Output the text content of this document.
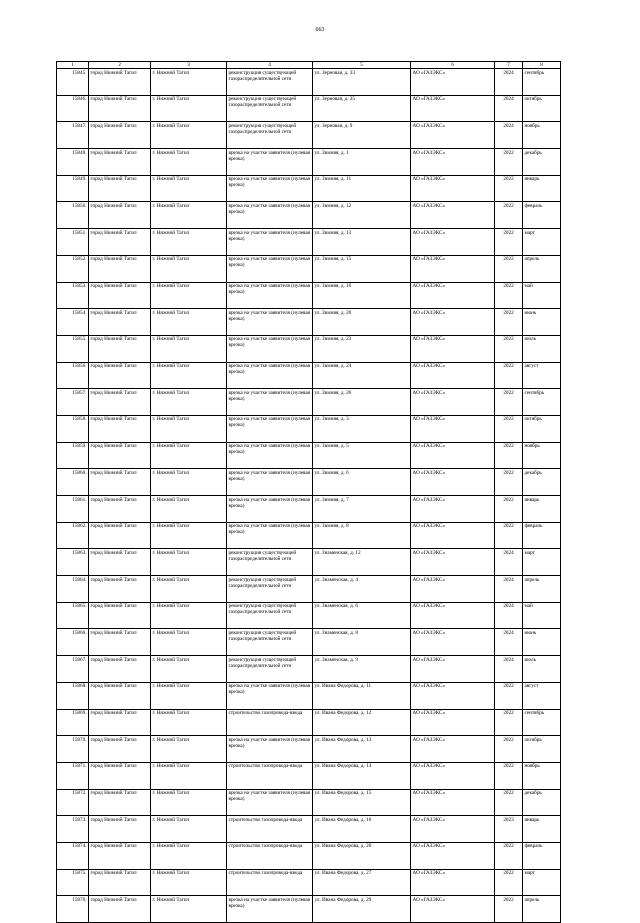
663
1	2	3	4	5	6	7	8
15845.	город Нижний Тагил	г. Нижний Тагил	реконструкция существующей газораспределительной сети	ул. Зерновая, д. 33	АО «ГАЗЭКС»	2024	сентябрь
15846.	город Нижний Тагил	г. Нижний Тагил	реконструкция существующей газораспределительной сети	ул. Зерновая, д. 35	АО «ГАЗЭКС»	2024	октябрь
15847.	город Нижний Тагил	г. Нижний Тагил	реконструкция существующей газораспределительной сети	ул. Зерновая, д. 9	АО «ГАЗЭКС»	2024	ноябрь
15848.	город Нижний Тагил	г. Нижний Тагил	врезка на участке заявителя (нулевая врезка)	ул. Зимняя, д. 1	АО «ГАЗЭКС»	2022	декабрь
15849.	город Нижний Тагил	г. Нижний Тагил	врезка на участке заявителя (нулевая врезка)	ул. Зимняя, д. 11	АО «ГАЗЭКС»	2022	январь
15850.	город Нижний Тагил	г. Нижний Тагил	врезка на участке заявителя (нулевая врезка)	ул. Зимняя, д. 12	АО «ГАЗЭКС»	2022	февраль
15851.	город Нижний Тагил	г. Нижний Тагил	врезка на участке заявителя (нулевая врезка)	ул. Зимняя, д. 13	АО «ГАЗЭКС»	2022	март
15852.	город Нижний Тагил	г. Нижний Тагил	врезка на участке заявителя (нулевая врезка)	ул. Зимняя, д. 15	АО «ГАЗЭКС»	2022	апрель
15853.	город Нижний Тагил	г. Нижний Тагил	врезка на участке заявителя (нулевая врезка)	ул. Зимняя, д. 16	АО «ГАЗЭКС»	2022	май
15854.	город Нижний Тагил	г. Нижний Тагил	врезка на участке заявителя (нулевая врезка)	ул. Зимняя, д. 20	АО «ГАЗЭКС»	2022	июнь
15855.	город Нижний Тагил	г. Нижний Тагил	врезка на участке заявителя (нулевая врезка)	ул. Зимняя, д. 23	АО «ГАЗЭКС»	2022	июль
15856.	город Нижний Тагил	г. Нижний Тагил	врезка на участке заявителя (нулевая врезка)	ул. Зимняя, д. 24	АО «ГАЗЭКС»	2022	август
15857.	город Нижний Тагил	г. Нижний Тагил	врезка на участке заявителя (нулевая врезка)	ул. Зимняя, д. 26	АО «ГАЗЭКС»	2022	сентябрь
15858.	город Нижний Тагил	г. Нижний Тагил	врезка на участке заявителя (нулевая врезка)	ул. Зимняя, д. 3	АО «ГАЗЭКС»	2022	октябрь
15859.	город Нижний Тагил	г. Нижний Тагил	врезка на участке заявителя (нулевая врезка)	ул. Зимняя, д. 5	АО «ГАЗЭКС»	2022	ноябрь
15860.	город Нижний Тагил	г. Нижний Тагил	врезка на участке заявителя (нулевая врезка)	ул. Зимняя, д. 6	АО «ГАЗЭКС»	2022	декабрь
15861.	город Нижний Тагил	г. Нижний Тагил	врезка на участке заявителя (нулевая врезка)	ул. Зимняя, д. 7	АО «ГАЗЭКС»	2022	январь
15862.	город Нижний Тагил	г. Нижний Тагил	врезка на участке заявителя (нулевая врезка)	ул. Зимняя, д. 8	АО «ГАЗЭКС»	2022	февраль
15863.	город Нижний Тагил	г. Нижний Тагил	реконструкция существующей газораспределительной сети	ул. Знаменская, д. 12	АО «ГАЗЭКС»	2024	март
15864.	город Нижний Тагил	г. Нижний Тагил	реконструкция существующей газораспределительной сети	ул. Знаменская, д. 4	АО «ГАЗЭКС»	2024	апрель
15865.	город Нижний Тагил	г. Нижний Тагил	реконструкция существующей газораспределительной сети	ул. Знаменская, д. 6	АО «ГАЗЭКС»	2024	май
15866.	город Нижний Тагил	г. Нижний Тагил	реконструкция существующей газораспределительной сети	ул. Знаменская, д. 8	АО «ГАЗЭКС»	2024	июнь
15867.	город Нижний Тагил	г. Нижний Тагил	реконструкция существующей газораспределительной сети	ул. Знаменская, д. 9	АО «ГАЗЭКС»	2024	июль
15868.	город Нижний Тагил	г. Нижний Тагил	врезка на участке заявителя (нулевая врезка)	ул. Ивана Федорова, д. 11	АО «ГАЗЭКС»	2022	август
15869.	город Нижний Тагил	г. Нижний Тагил	строительство газопровода-ввода	ул. Ивана Федорова, д. 12	АО «ГАЗЭКС»	2022	сентябрь
15870.	город Нижний Тагил	г. Нижний Тагил	врезка на участке заявителя (нулевая врезка)	ул. Ивана Федорова, д. 13	АО «ГАЗЭКС»	2022	октябрь
15871.	город Нижний Тагил	г. Нижний Тагил	строительство газопровода-ввода	ул. Ивана Федорова, д. 14	АО «ГАЗЭКС»	2022	ноябрь
15872.	город Нижний Тагил	г. Нижний Тагил	врезка на участке заявителя (нулевая врезка)	ул. Ивана Федорова, д. 15	АО «ГАЗЭКС»	2022	декабрь
15873.	город Нижний Тагил	г. Нижний Тагил	строительство газопровода-ввода	ул. Ивана Федорова, д. 16	АО «ГАЗЭКС»	2023	январь
15874.	город Нижний Тагил	г. Нижний Тагил	строительство газопровода-ввода	ул. Ивана Федорова, д. 20	АО «ГАЗЭКС»	2022	февраль
15875.	город Нижний Тагил	г. Нижний Тагил	строительство газопровода-ввода	ул. Ивана Федорова, д. 27	АО «ГАЗЭКС»	2022	март
15876.	город Нижний Тагил	г. Нижний Тагил	врезка на участке заявителя (нулевая врезка)	ул. Ивана Федорова, д. 29	АО «ГАЗЭКС»	2022	апрель
